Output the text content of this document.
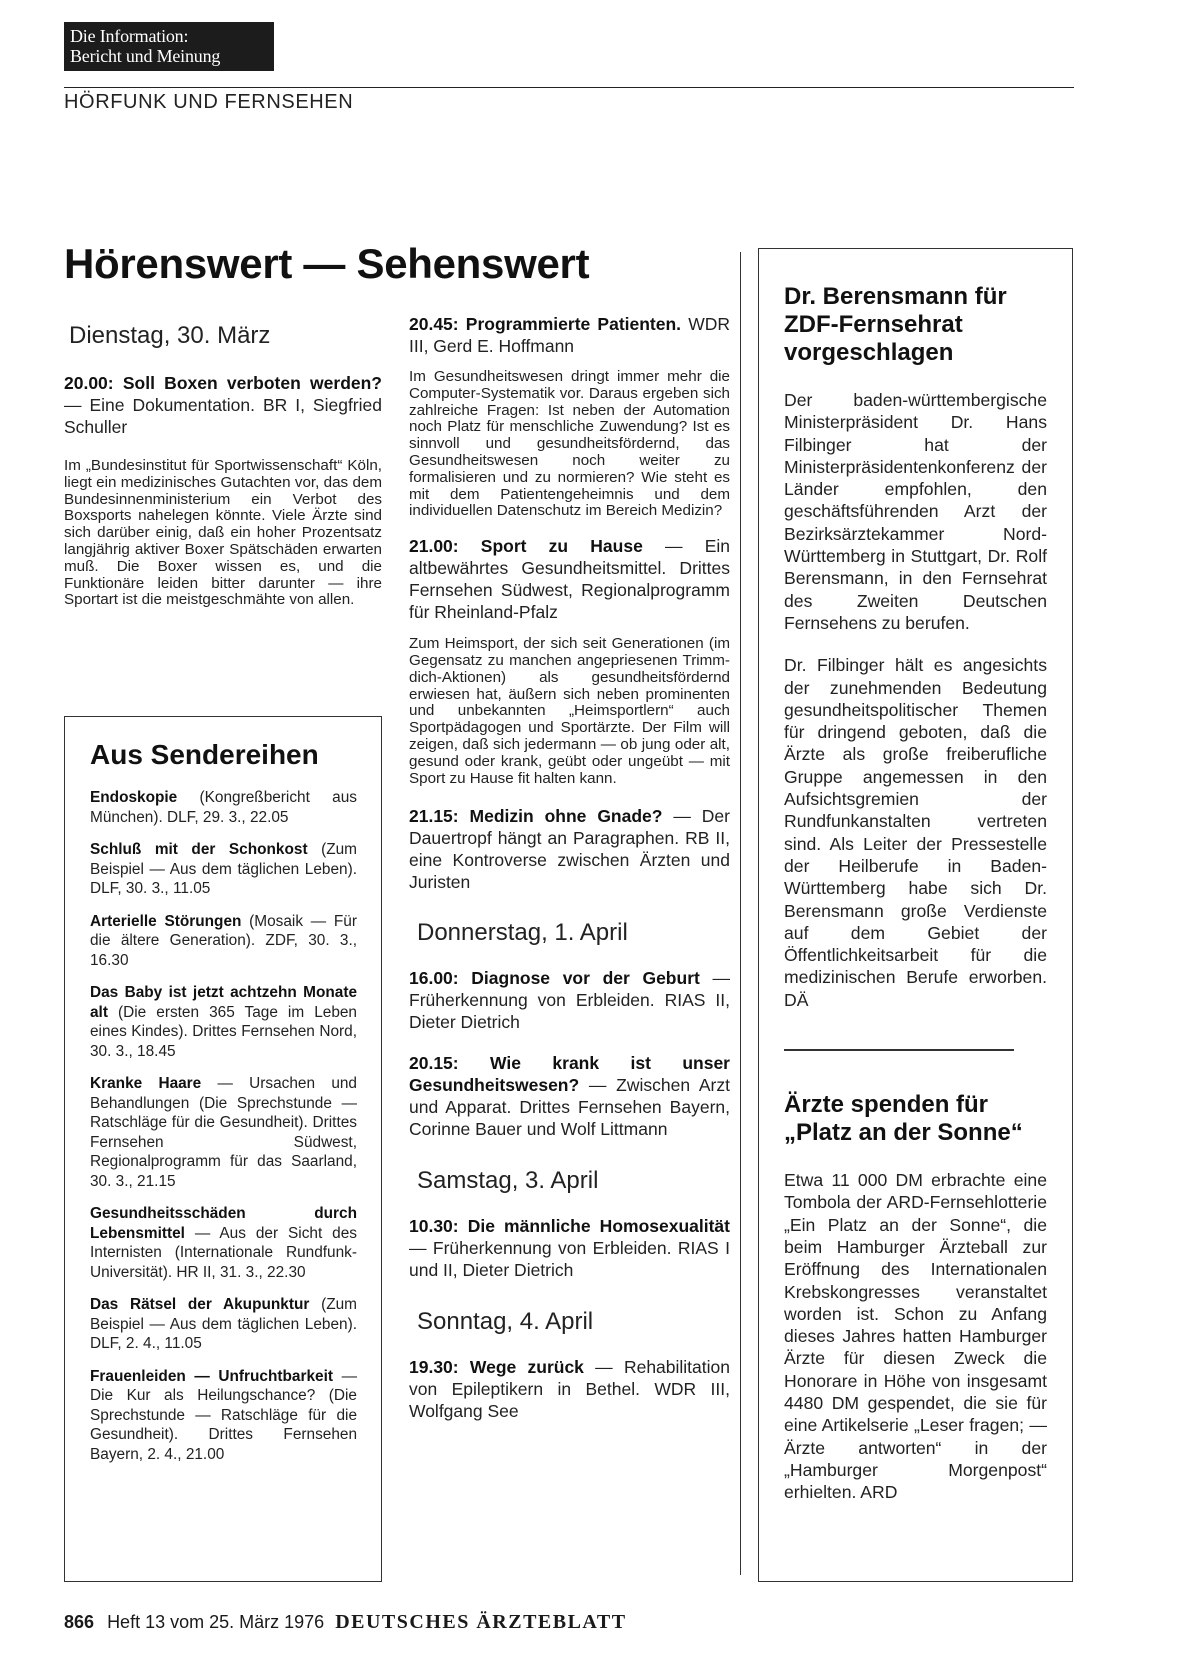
Die Information:
Bericht und Meinung
HÖRFUNK UND FERNSEHEN
Hörenswert — Sehenswert

Dienstag, 30. März

20.00: Soll Boxen verboten werden? — Eine Dokumentation. BR I, Siegfried Schuller

Im „Bundesinstitut für Sportwissenschaft“ Köln, liegt ein medizinisches Gutachten vor, das dem Bundesinnenministerium ein Verbot des Boxsports nahelegen könnte. Viele Ärzte sind sich darüber einig, daß ein hoher Prozentsatz langjährig aktiver Boxer Spätschäden erwarten muß. Die Boxer wissen es, und die Funktionäre leiden bitter darunter — ihre Sportart ist die meistgeschmähte von allen.

Aus Sendereihen

Endoskopie (Kongreßbericht aus München). DLF, 29. 3., 22.05

Schluß mit der Schonkost (Zum Beispiel — Aus dem täglichen Leben). DLF, 30. 3., 11.05

Arterielle Störungen (Mosaik — Für die ältere Generation). ZDF, 30. 3., 16.30

Das Baby ist jetzt achtzehn Monate alt (Die ersten 365 Tage im Leben eines Kindes). Drittes Fernsehen Nord, 30. 3., 18.45

Kranke Haare — Ursachen und Behandlungen (Die Sprechstunde — Ratschläge für die Gesundheit). Drittes Fernsehen Südwest, Regionalprogramm für das Saarland, 30. 3., 21.15

Gesundheitsschäden durch Lebensmittel — Aus der Sicht des Internisten (Internationale Rundfunk-Universität). HR II, 31. 3., 22.30

Das Rätsel der Akupunktur (Zum Beispiel — Aus dem täglichen Leben). DLF, 2. 4., 11.05

Frauenleiden — Unfruchtbarkeit — Die Kur als Heilungschance? (Die Sprechstunde — Ratschläge für die Gesundheit). Drittes Fernsehen Bayern, 2. 4., 21.00

20.45: Programmierte Patienten. WDR III, Gerd E. Hoffmann

Im Gesundheitswesen dringt immer mehr die Computer-Systematik vor. Daraus ergeben sich zahlreiche Fragen: Ist neben der Automation noch Platz für menschliche Zuwendung? Ist es sinnvoll und gesundheitsfördernd, das Gesundheitswesen noch weiter zu formalisieren und zu normieren? Wie steht es mit dem Patientengeheimnis und dem individuellen Datenschutz im Bereich Medizin?

21.00: Sport zu Hause — Ein altbewährtes Gesundheitsmittel. Drittes Fernsehen Südwest, Regionalprogramm für Rheinland-Pfalz

Zum Heimsport, der sich seit Generationen (im Gegensatz zu manchen angepriesenen Trimm-dich-Aktionen) als gesundheitsfördernd erwiesen hat, äußern sich neben prominenten und unbekannten „Heimsportlern“ auch Sportpädagogen und Sportärzte. Der Film will zeigen, daß sich jedermann — ob jung oder alt, gesund oder krank, geübt oder ungeübt — mit Sport zu Hause fit halten kann.

21.15: Medizin ohne Gnade? — Der Dauertropf hängt an Paragraphen. RB II, eine Kontroverse zwischen Ärzten und Juristen

Donnerstag, 1. April

16.00: Diagnose vor der Geburt — Früherkennung von Erbleiden. RIAS II, Dieter Dietrich

20.15: Wie krank ist unser Gesundheitswesen? — Zwischen Arzt und Apparat. Drittes Fernsehen Bayern, Corinne Bauer und Wolf Littmann

Samstag, 3. April

10.30: Die männliche Homosexualität — Früherkennung von Erbleiden. RIAS I und II, Dieter Dietrich

Sonntag, 4. April

19.30: Wege zurück — Rehabilitation von Epileptikern in Bethel. WDR III, Wolfgang See

Dr. Berensmann für ZDF-Fernsehrat vorgeschlagen

Der baden-württembergische Ministerpräsident Dr. Hans Filbinger hat der Ministerpräsidentenkonferenz der Länder empfohlen, den geschäftsführenden Arzt der Bezirksärztekammer Nord-Württemberg in Stuttgart, Dr. Rolf Berensmann, in den Fernsehrat des Zweiten Deutschen Fernsehens zu berufen.

Dr. Filbinger hält es angesichts der zunehmenden Bedeutung gesundheitspolitischer Themen für dringend geboten, daß die Ärzte als große freiberufliche Gruppe angemessen in den Aufsichtsgremien der Rundfunkanstalten vertreten sind. Als Leiter der Pressestelle der Heilberufe in Baden-Württemberg habe sich Dr. Berensmann große Verdienste auf dem Gebiet der Öffentlichkeitsarbeit für die medizinischen Berufe erworben. DÄ

Ärzte spenden für „Platz an der Sonne“

Etwa 11 000 DM erbrachte eine Tombola der ARD-Fernsehlotterie „Ein Platz an der Sonne“, die beim Hamburger Ärzteball zur Eröffnung des Internationalen Krebskongresses veranstaltet worden ist. Schon zu Anfang dieses Jahres hatten Hamburger Ärzte für diesen Zweck die Honorare in Höhe von insgesamt 4480 DM gespendet, die sie für eine Artikelserie „Leser fragen; — Ärzte antworten“ in der „Hamburger Morgenpost“ erhielten. ARD

866 Heft 13 vom 25. März 1976 DEUTSCHES ÄRZTEBLATT
